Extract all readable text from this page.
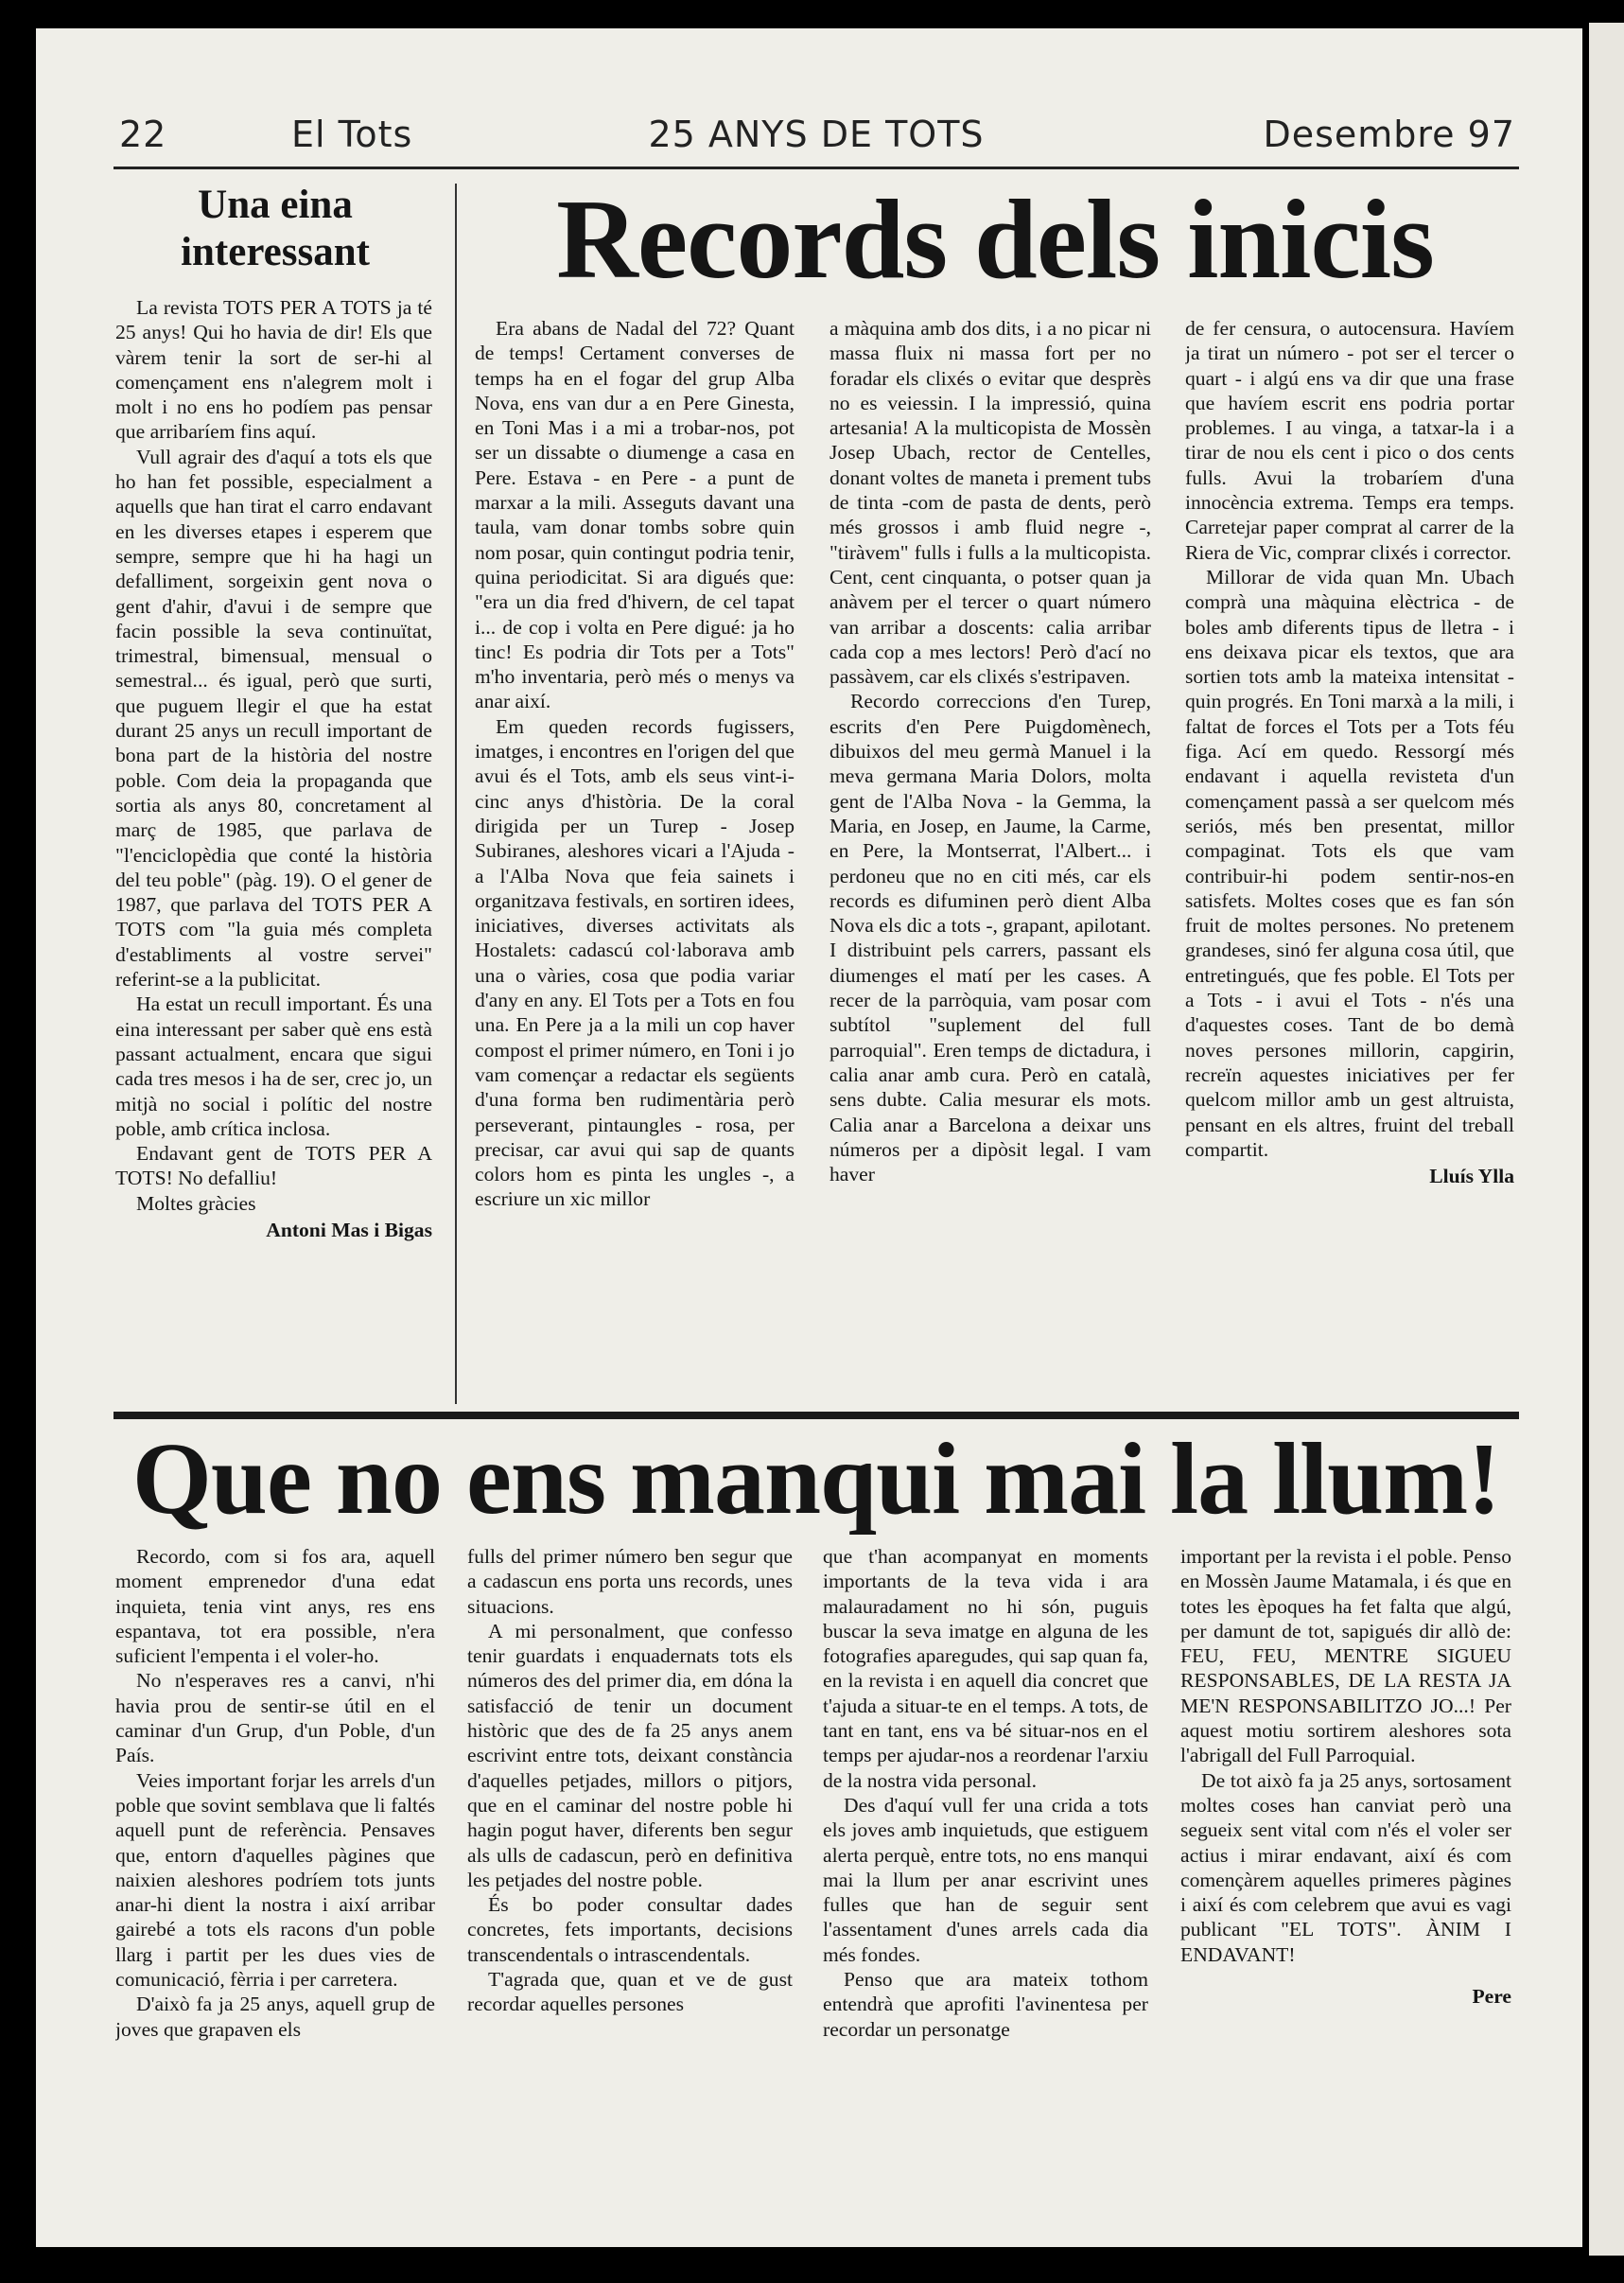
22	El Tots	25 ANYS DE TOTS	Desembre 97
Una eina interessant

La revista TOTS PER A TOTS ja té 25 anys! Qui ho havia de dir! Els que vàrem tenir la sort de ser-hi al començament ens n'alegrem molt i molt i no ens ho podíem pas pensar que arribaríem fins aquí.

Vull agrair des d'aquí a tots els que ho han fet possible, especialment a aquells que han tirat el carro endavant en les diverses etapes i esperem que sempre, sempre que hi ha hagi un defalliment, sorgeixin gent nova o gent d'ahir, d'avui i de sempre que facin possible la seva continuïtat, trimestral, bimensual, mensual o semestral... és igual, però que surti, que puguem llegir el que ha estat durant 25 anys un recull important de bona part de la història del nostre poble. Com deia la propaganda que sortia als anys 80, concretament al març de 1985, que parlava de "l'enciclopèdia que conté la història del teu poble" (pàg. 19). O el gener de 1987, que parlava del TOTS PER A TOTS com "la guia més completa d'establiments al vostre servei" referint-se a la publicitat.

Ha estat un recull important. És una eina interessant per saber què ens està passant actualment, encara que sigui cada tres mesos i ha de ser, crec jo, un mitjà no social i polític del nostre poble, amb crítica inclosa.

Endavant gent de TOTS PER A TOTS! No defalliu!

Moltes gràcies

Antoni Mas i Bigas

Records dels inicis

Era abans de Nadal del 72? Quant de temps! Certament converses de temps ha en el fogar del grup Alba Nova, ens van dur a en Pere Ginesta, en Toni Mas i a mi a trobar-nos, pot ser un dissabte o diumenge a casa en Pere. Estava - en Pere - a punt de marxar a la mili. Asseguts davant una taula, vam donar tombs sobre quin nom posar, quin contingut podria tenir, quina periodicitat. Si ara digués que: "era un dia fred d'hivern, de cel tapat i... de cop i volta en Pere digué: ja ho tinc! Es podria dir Tots per a Tots" m'ho inventaria, però més o menys va anar així.

Em queden records fugissers, imatges, i encontres en l'origen del que avui és el Tots, amb els seus vint-i-cinc anys d'història. De la coral dirigida per un Turep - Josep Subiranes, aleshores vicari a l'Ajuda - a l'Alba Nova que feia sainets i organitzava festivals, en sortiren idees, iniciatives, diverses activitats als Hostalets: cadascú col·laborava amb una o vàries, cosa que podia variar d'any en any. El Tots per a Tots en fou una. En Pere ja a la mili un cop haver compost el primer número, en Toni i jo vam començar a redactar els següents d'una forma ben rudimentària però perseverant, pintaungles - rosa, per precisar, car avui qui sap de quants colors hom es pinta les ungles -, a escriure un xic millor

a màquina amb dos dits, i a no picar ni massa fluix ni massa fort per no foradar els clixés o evitar que desprès no es veiessin. I la impressió, quina artesania! A la multicopista de Mossèn Josep Ubach, rector de Centelles, donant voltes de maneta i prement tubs de tinta -com de pasta de dents, però més grossos i amb fluid negre -, "tiràvem" fulls i fulls a la multicopista. Cent, cent cinquanta, o potser quan ja anàvem per el tercer o quart número van arribar a doscents: calia arribar cada cop a mes lectors! Però d'ací no passàvem, car els clixés s'estripaven.

Recordo correccions d'en Turep, escrits d'en Pere Puigdomènech, dibuixos del meu germà Manuel i la meva germana Maria Dolors, molta gent de l'Alba Nova - la Gemma, la Maria, en Josep, en Jaume, la Carme, en Pere, la Montserrat, l'Albert... i perdoneu que no en citi més, car els records es difuminen però dient Alba Nova els dic a tots -, grapant, apilotant. I distribuint pels carrers, passant els diumenges el matí per les cases. A recer de la parròquia, vam posar com subtítol "suplement del full parroquial". Eren temps de dictadura, i calia anar amb cura. Però en català, sens dubte. Calia mesurar els mots. Calia anar a Barcelona a deixar uns números per a dipòsit legal. I vam haver

de fer censura, o autocensura. Havíem ja tirat un número - pot ser el tercer o quart - i algú ens va dir que una frase que havíem escrit ens podria portar problemes. I au vinga, a tatxar-la i a tirar de nou els cent i pico o dos cents fulls. Avui la trobaríem d'una innocència extrema. Temps era temps. Carretejar paper comprat al carrer de la Riera de Vic, comprar clixés i corrector.

Millorar de vida quan Mn. Ubach comprà una màquina elèctrica - de boles amb diferents tipus de lletra - i ens deixava picar els textos, que ara sortien tots amb la mateixa intensitat - quin progrés. En Toni marxà a la mili, i faltat de forces el Tots per a Tots féu figa. Ací em quedo. Ressorgí més endavant i aquella revisteta d'un començament passà a ser quelcom més seriós, més ben presentat, millor compaginat. Tots els que vam contribuir-hi podem sentir-nos-en satisfets. Moltes coses que es fan són fruit de moltes persones. No pretenem grandeses, sinó fer alguna cosa útil, que entretingués, que fes poble. El Tots per a Tots - i avui el Tots - n'és una d'aquestes coses. Tant de bo demà noves persones millorin, capgirin, recreïn aquestes iniciatives per fer quelcom millor amb un gest altruista, pensant en els altres, fruint del treball compartit.

Lluís Ylla

Que no ens manqui mai la llum!

Recordo, com si fos ara, aquell moment emprenedor d'una edat inquieta, tenia vint anys, res ens espantava, tot era possible, n'era suficient l'empenta i el voler-ho.

No n'esperaves res a canvi, n'hi havia prou de sentir-se útil en el caminar d'un Grup, d'un Poble, d'un País.

Veies important forjar les arrels d'un poble que sovint semblava que li faltés aquell punt de referència. Pensaves que, entorn d'aquelles pàgines que naixien aleshores podríem tots junts anar-hi dient la nostra i així arribar gairebé a tots els racons d'un poble llarg i partit per les dues vies de comunicació, fèrria i per carretera.

D'això fa ja 25 anys, aquell grup de joves que grapaven els

fulls del primer número ben segur que a cadascun ens porta uns records, unes situacions.

A mi personalment, que confesso tenir guardats i enquadernats tots els números des del primer dia, em dóna la satisfacció de tenir un document històric que des de fa 25 anys anem escrivint entre tots, deixant constància d'aquelles petjades, millors o pitjors, que en el caminar del nostre poble hi hagin pogut haver, diferents ben segur als ulls de cadascun, però en definitiva les petjades del nostre poble.

És bo poder consultar dades concretes, fets importants, decisions transcendentals o intrascendentals.

T'agrada que, quan et ve de gust recordar aquelles persones

que t'han acompanyat en moments importants de la teva vida i ara malauradament no hi són, puguis buscar la seva imatge en alguna de les fotografies aparegudes, qui sap quan fa, en la revista i en aquell dia concret que t'ajuda a situar-te en el temps. A tots, de tant en tant, ens va bé situar-nos en el temps per ajudar-nos a reordenar l'arxiu de la nostra vida personal.

Des d'aquí vull fer una crida a tots els joves amb inquietuds, que estiguem alerta perquè, entre tots, no ens manqui mai la llum per anar escrivint unes fulles que han de seguir sent l'assentament d'unes arrels cada dia més fondes.

Penso que ara mateix tothom entendrà que aprofiti l'avinentesa per recordar un personatge

important per la revista i el poble. Penso en Mossèn Jaume Matamala, i és que en totes les èpoques ha fet falta que algú, per damunt de tot, sapigués dir allò de: FEU, FEU, MENTRE SIGUEU RESPONSABLES, DE LA RESTA JA ME'N RESPONSABILITZO JO...! Per aquest motiu sortirem aleshores sota l'abrigall del Full Parroquial.

De tot això fa ja 25 anys, sortosament moltes coses han canviat però una segueix sent vital com n'és el voler ser actius i mirar endavant, així és com començàrem aquelles primeres pàgines i així és com celebrem que avui es vagi publicant "EL TOTS". ÀNIM I ENDAVANT!

Pere
